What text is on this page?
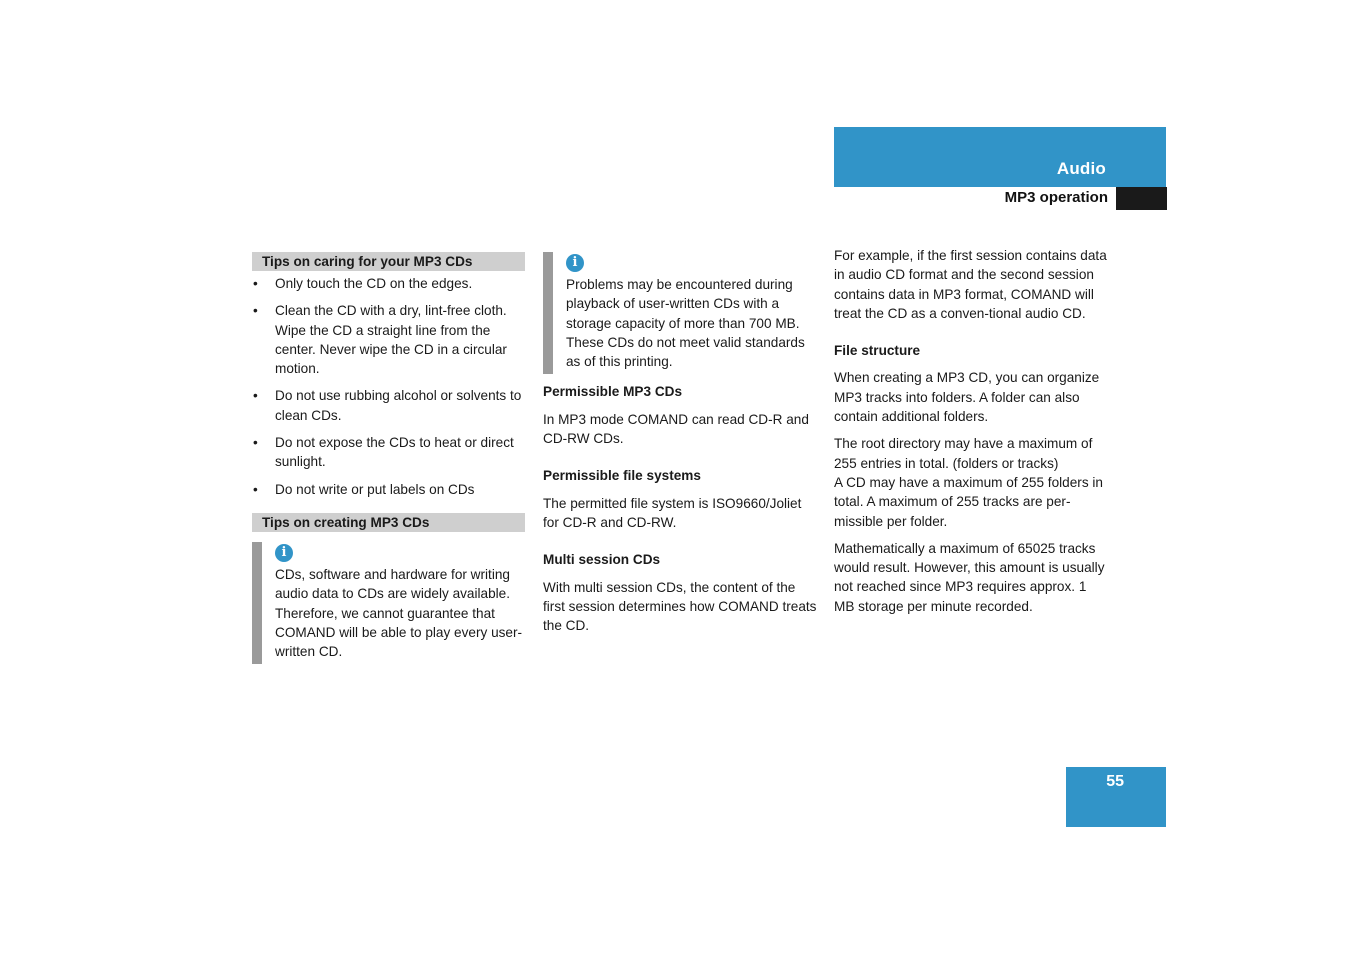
Audio
MP3 operation
Tips on caring for your MP3 CDs
• Only touch the CD on the edges.
• Clean the CD with a dry, lint-free cloth. Wipe the CD a straight line from the center. Never wipe the CD in a circular motion.
• Do not use rubbing alcohol or solvents to clean CDs.
• Do not expose the CDs to heat or direct sunlight.
• Do not write or put labels on CDs
Tips on creating MP3 CDs
i

CDs, software and hardware for writing audio data to CDs are widely available. Therefore, we cannot guarantee that COMAND will be able to play every user-written CD.

i

Problems may be encountered during playback of user-written CDs with a storage capacity of more than 700 MB. These CDs do not meet valid standards as of this printing.

Permissible MP3 CDs

In MP3 mode COMAND can read CD-R and CD-RW CDs.

Permissible file systems

The permitted file system is ISO9660/Joliet for CD-R and CD-RW.

Multi session CDs

With multi session CDs, the content of the first session determines how COMAND treats the CD.

For example, if the first session contains data in audio CD format and the second session contains data in MP3 format, COMAND will treat the CD as a conven-tional audio CD.

File structure

When creating a MP3 CD, you can organize MP3 tracks into folders. A folder can also contain additional folders.

The root directory may have a maximum of 255 entries in total. (folders or tracks)

A CD may have a maximum of 255 folders in total. A maximum of 255 tracks are per-missible per folder.

Mathematically a maximum of 65025 tracks would result. However, this amount is usually not reached since MP3 requires approx. 1 MB storage per minute recorded.

55
